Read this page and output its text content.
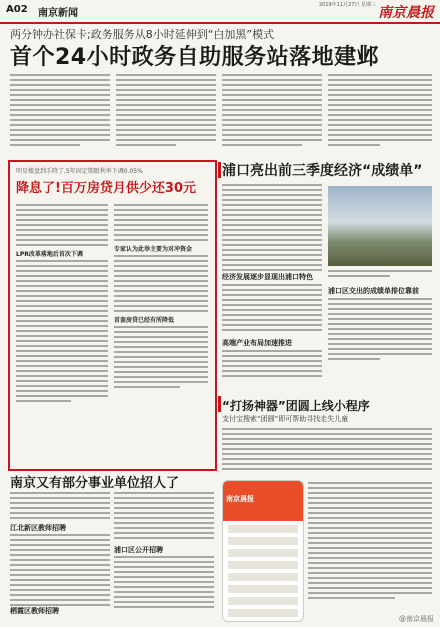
A02 南京新闻
2019年11月27日 星期三 南京晨报
两分钟办社保卡;政务服务从8小时延伸到“白加黑”模式
首个24小时政务自助服务站落地建邺
明星楼盘到手降了,5年固定期限利率下调0.05%
降息了!百万房贷月供少还30元
LPR改革落地后首次下调
专家认为此举主要为对冲资金
首套房贷已经有所降低
浦口亮出前三季度经济“成绩单”
经济发展逐步显现出浦口特色
高端产业布局加速推进
浦口区交出的成绩单排位靠前
“打扬神器”团圆上线小程序
支付宝搜索“团圆”即可帮助寻找走失儿童
南京晨报
南京又有部分事业单位招人了
江北新区教师招聘
浦口区公开招聘
栖霞区教师招聘
@南京晨报
